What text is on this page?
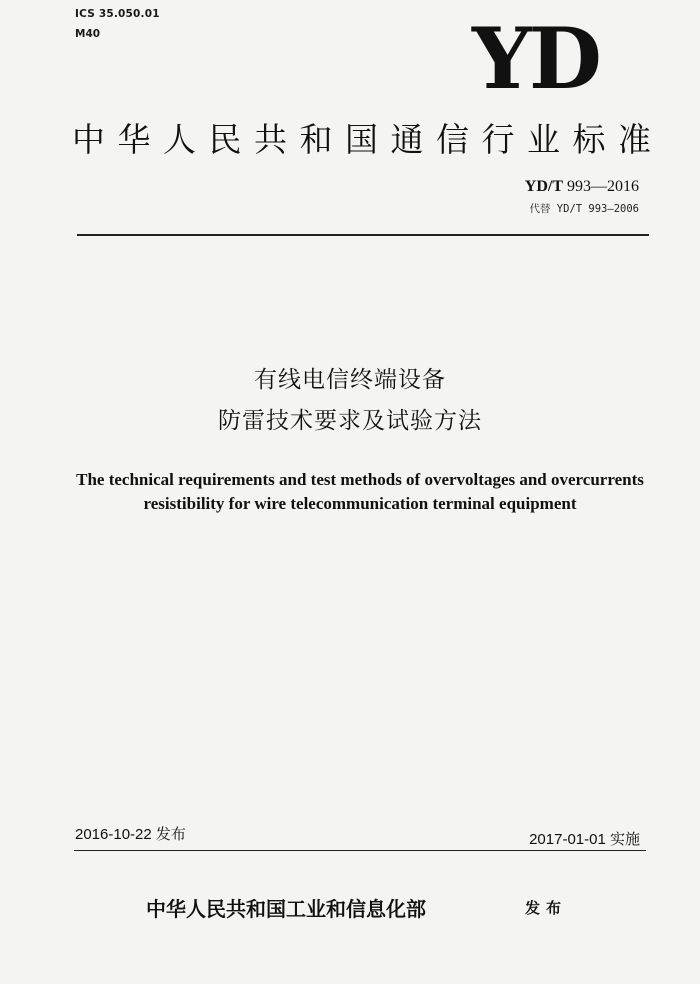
ICS 35.050.01
M40	YD
中华人民共和国通信行业标准
YD/T 993—2016
代替 YD/T 993—2006
有线电信终端设备
防雷技术要求及试验方法
The technical requirements and test methods of overvoltages and overcurrents resistibility for wire telecommunication terminal equipment
2016-10-22 发布	2017-01-01 实施
中华人民共和国工业和信息化部	发布
